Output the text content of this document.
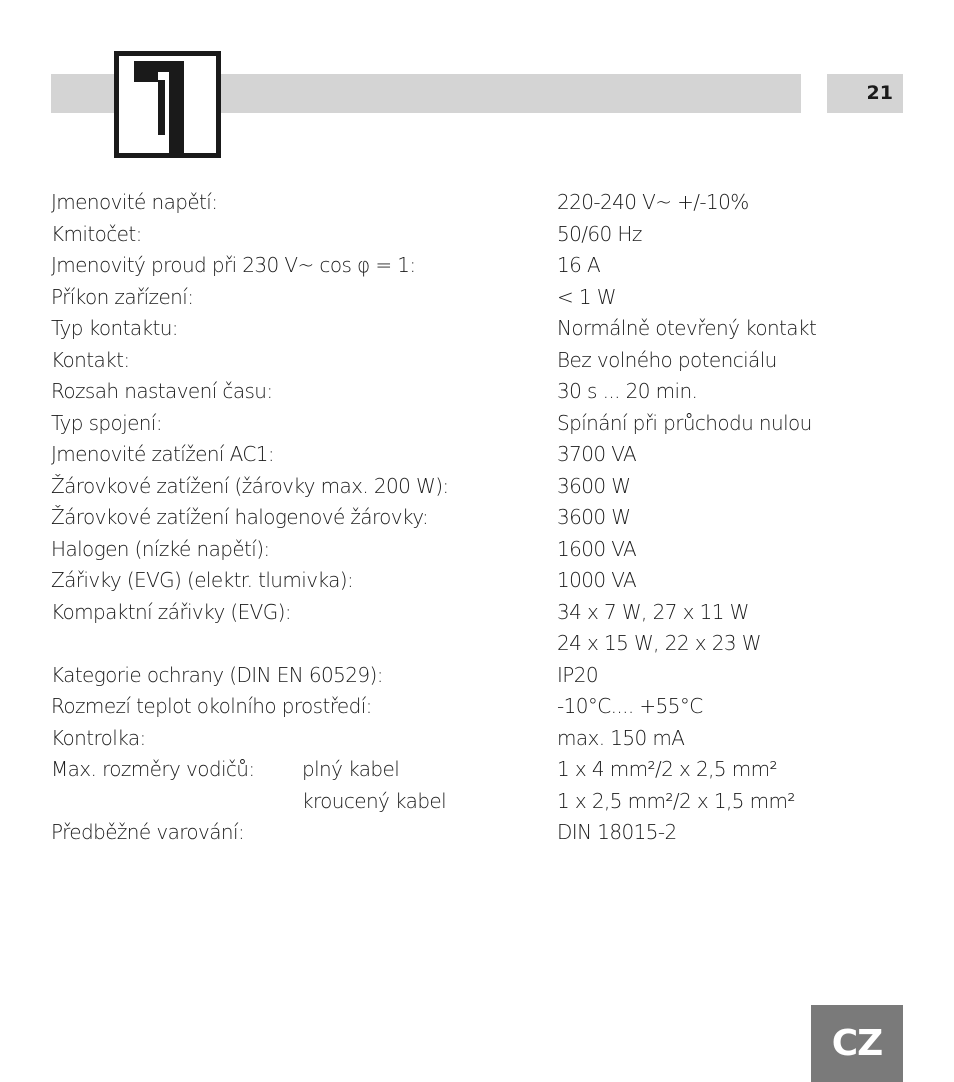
21
Jmenovité napětí:	220-240 V~ +/-10%
Kmitočet:	50/60 Hz
Jmenovitý proud při 230 V~ cos φ = 1:	16 A
Příkon zařízení:	< 1 W
Typ kontaktu:	Normálně otevřený kontakt
Kontakt:	Bez volného potenciálu
Rozsah nastavení času:	30 s ... 20 min.
Typ spojení:	Spínání při průchodu nulou
Jmenovité zatížení AC1:	3700 VA
Žárovkové zatížení (žárovky max. 200 W):	3600 W
Žárovkové zatížení halogenové žárovky:	3600 W
Halogen (nízké napětí):	1600 VA
Zářivky (EVG) (elektr. tlumivka):	1000 VA
Kompaktní zářivky (EVG):	34 x 7 W, 27 x 11 W
24 x 15 W, 22 x 23 W
Kategorie ochrany (DIN EN 60529):	IP20
Rozmezí teplot okolního prostředí:	-10°C.... +55°C
Kontrolka:	max. 150 mA
Max. rozměry vodičů: plný kabel	1 x 4 mm²/2 x 2,5 mm²
kroucený kabel	1 x 2,5 mm²/2 x 1,5 mm²
Předběžné varování:	DIN 18015-2
CZ
